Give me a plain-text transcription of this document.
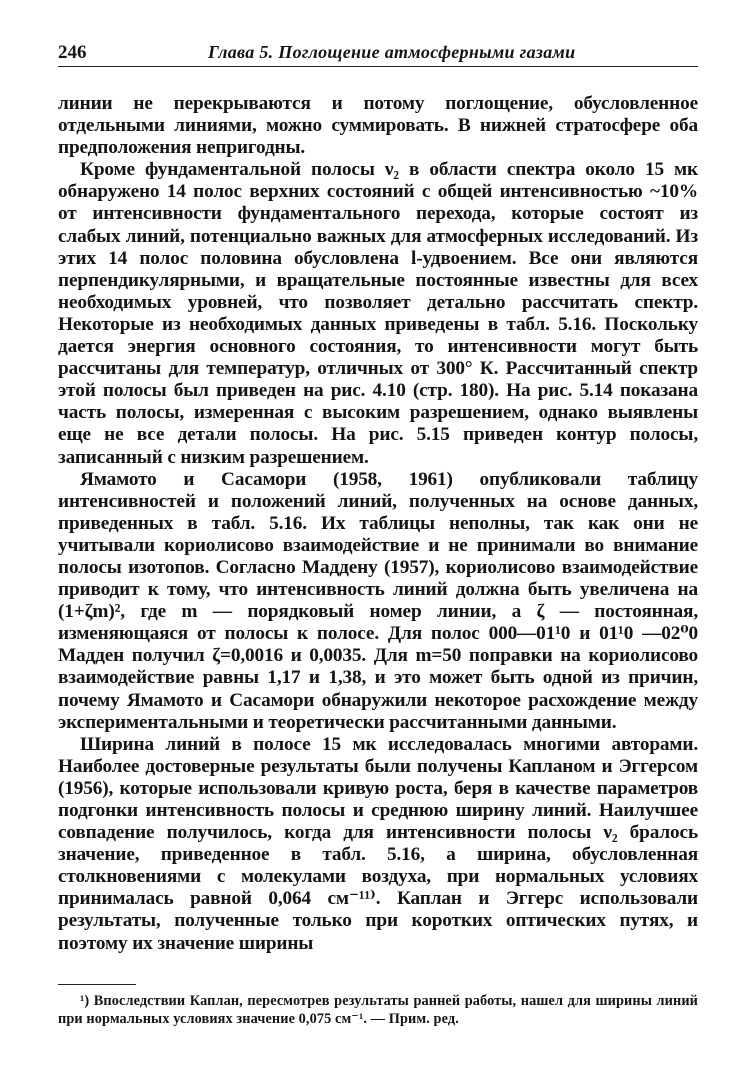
246	Глава 5. Поглощение атмосферными газами

линии не перекрываются и потому поглощение, обусловленное отдельными линиями, можно суммировать. В нижней стратосфере оба предположения непригодны.

Кроме фундаментальной полосы ν₂ в области спектра около 15 мк обнаружено 14 полос верхних состояний с общей интенсивностью ~10% от интенсивности фундаментального перехода, которые состоят из слабых линий, потенциально важных для атмосферных исследований. Из этих 14 полос половина обусловлена l-удвоением. Все они являются перпендикулярными, и вращательные постоянные известны для всех необходимых уровней, что позволяет детально рассчитать спектр. Некоторые из необходимых данных приведены в табл. 5.16. Поскольку дается энергия основного состояния, то интенсивности могут быть рассчитаны для температур, отличных от 300° К. Рассчитанный спектр этой полосы был приведен на рис. 4.10 (стр. 180). На рис. 5.14 показана часть полосы, измеренная с высоким разрешением, однако выявлены еще не все детали полосы. На рис. 5.15 приведен контур полосы, записанный с низким разрешением.

Ямамото и Сасамори (1958, 1961) опубликовали таблицу интенсивностей и положений линий, полученных на основе данных, приведенных в табл. 5.16. Их таблицы неполны, так как они не учитывали кориолисово взаимодействие и не принимали во внимание полосы изотопов. Согласно Маддену (1957), кориолисово взаимодействие приводит к тому, что интенсивность линий должна быть увеличена на (1+ζm)², где m — порядковый номер линии, а ζ — постоянная, изменяющаяся от полосы к полосе. Для полос 000—01¹0 и 01¹0 —02⁰0 Мадден получил ζ=0,0016 и 0,0035. Для m=50 поправки на кориолисово взаимодействие равны 1,17 и 1,38, и это может быть одной из причин, почему Ямамото и Сасамори обнаружили некоторое расхождение между экспериментальными и теоретически рассчитанными данными.

Ширина линий в полосе 15 мк исследовалась многими авторами. Наиболее достоверные результаты были получены Капланом и Эггерсом (1956), которые использовали кривую роста, беря в качестве параметров подгонки интенсивность полосы и среднюю ширину линий. Наилучшее совпадение получилось, когда для интенсивности полосы ν₂ бралось значение, приведенное в табл. 5.16, а ширина, обусловленная столкновениями с молекулами воздуха, при нормальных условиях принималась равной 0,064 см⁻¹¹⁾. Каплан и Эггерс использовали результаты, полученные только при коротких оптических путях, и поэтому их значение ширины

¹) Впоследствии Каплан, пересмотрев результаты ранней работы, нашел для ширины линий при нормальных условиях значение 0,075 см⁻¹. — Прим. ред.
